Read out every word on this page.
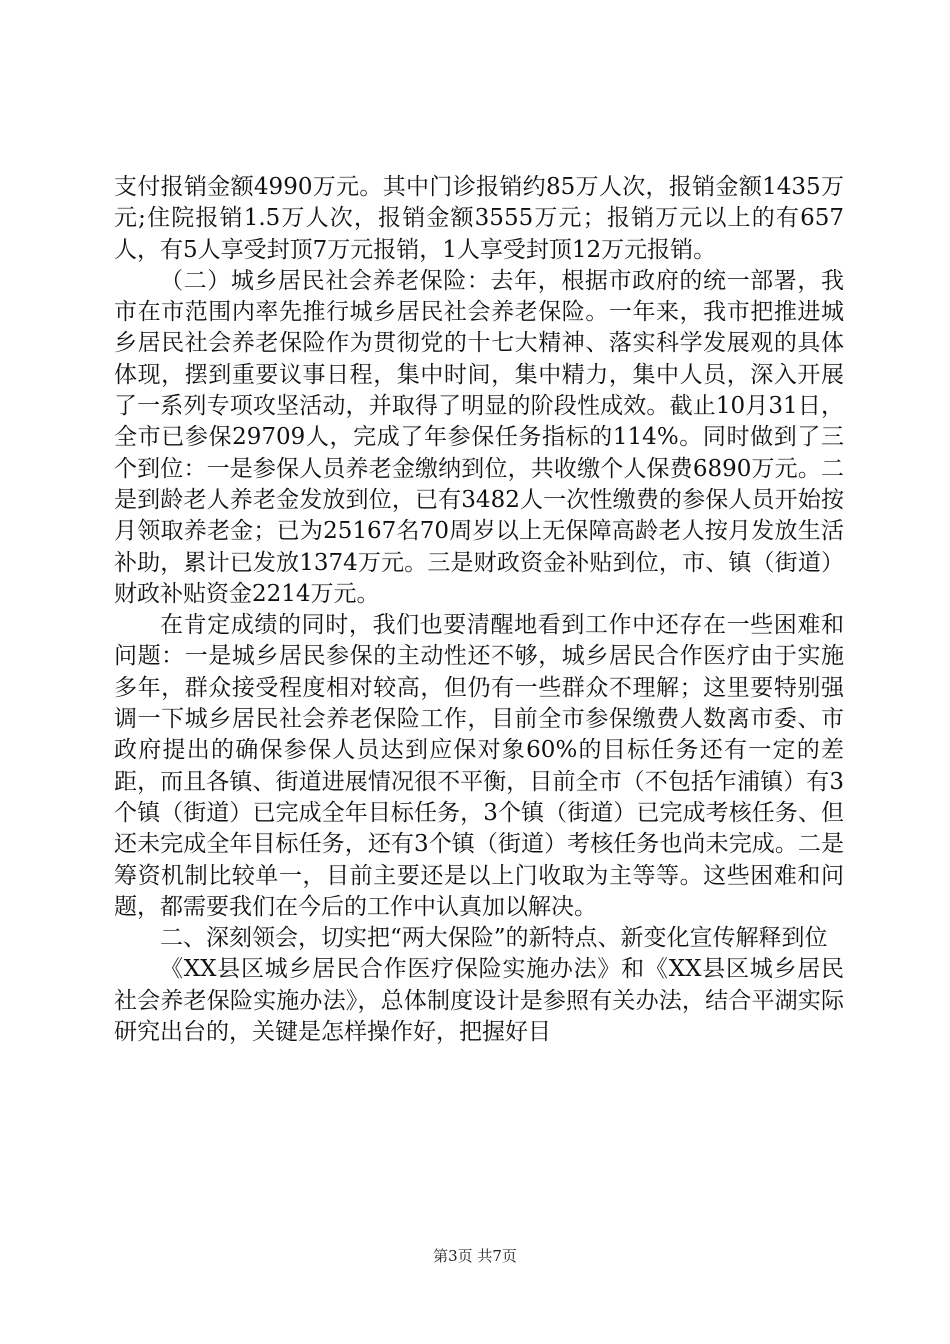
支付报销金额4990万元。其中门诊报销约85万人次，报销金额1435万元;住院报销1.5万人次，报销金额3555万元；报销万元以上的有657人，有5人享受封顶7万元报销，1人享受封顶12万元报销。

（二）城乡居民社会养老保险：去年，根据市政府的统一部署，我市在市范围内率先推行城乡居民社会养老保险。一年来，我市把推进城乡居民社会养老保险作为贯彻党的十七大精神、落实科学发展观的具体体现，摆到重要议事日程，集中时间，集中精力，集中人员，深入开展了一系列专项攻坚活动，并取得了明显的阶段性成效。截止10月31日，全市已参保29709人，完成了年参保任务指标的114%。同时做到了三个到位：一是参保人员养老金缴纳到位，共收缴个人保费6890万元。二是到龄老人养老金发放到位，已有3482人一次性缴费的参保人员开始按月领取养老金；已为25167名70周岁以上无保障高龄老人按月发放生活补助，累计已发放1374万元。三是财政资金补贴到位，市、镇（街道）财政补贴资金2214万元。

在肯定成绩的同时，我们也要清醒地看到工作中还存在一些困难和问题：一是城乡居民参保的主动性还不够，城乡居民合作医疗由于实施多年，群众接受程度相对较高，但仍有一些群众不理解；这里要特别强调一下城乡居民社会养老保险工作，目前全市参保缴费人数离市委、市政府提出的确保参保人员达到应保对象60%的目标任务还有一定的差距，而且各镇、街道进展情况很不平衡，目前全市（不包括乍浦镇）有3个镇（街道）已完成全年目标任务，3个镇（街道）已完成考核任务、但还未完成全年目标任务，还有3个镇（街道）考核任务也尚未完成。二是筹资机制比较单一，目前主要还是以上门收取为主等等。这些困难和问题，都需要我们在今后的工作中认真加以解决。

二、深刻领会，切实把“两大保险”的新特点、新变化宣传解释到位

《XX县区城乡居民合作医疗保险实施办法》和《XX县区城乡居民社会养老保险实施办法》，总体制度设计是参照有关办法，结合平湖实际研究出台的，关键是怎样操作好，把握好目

第3页 共7页
